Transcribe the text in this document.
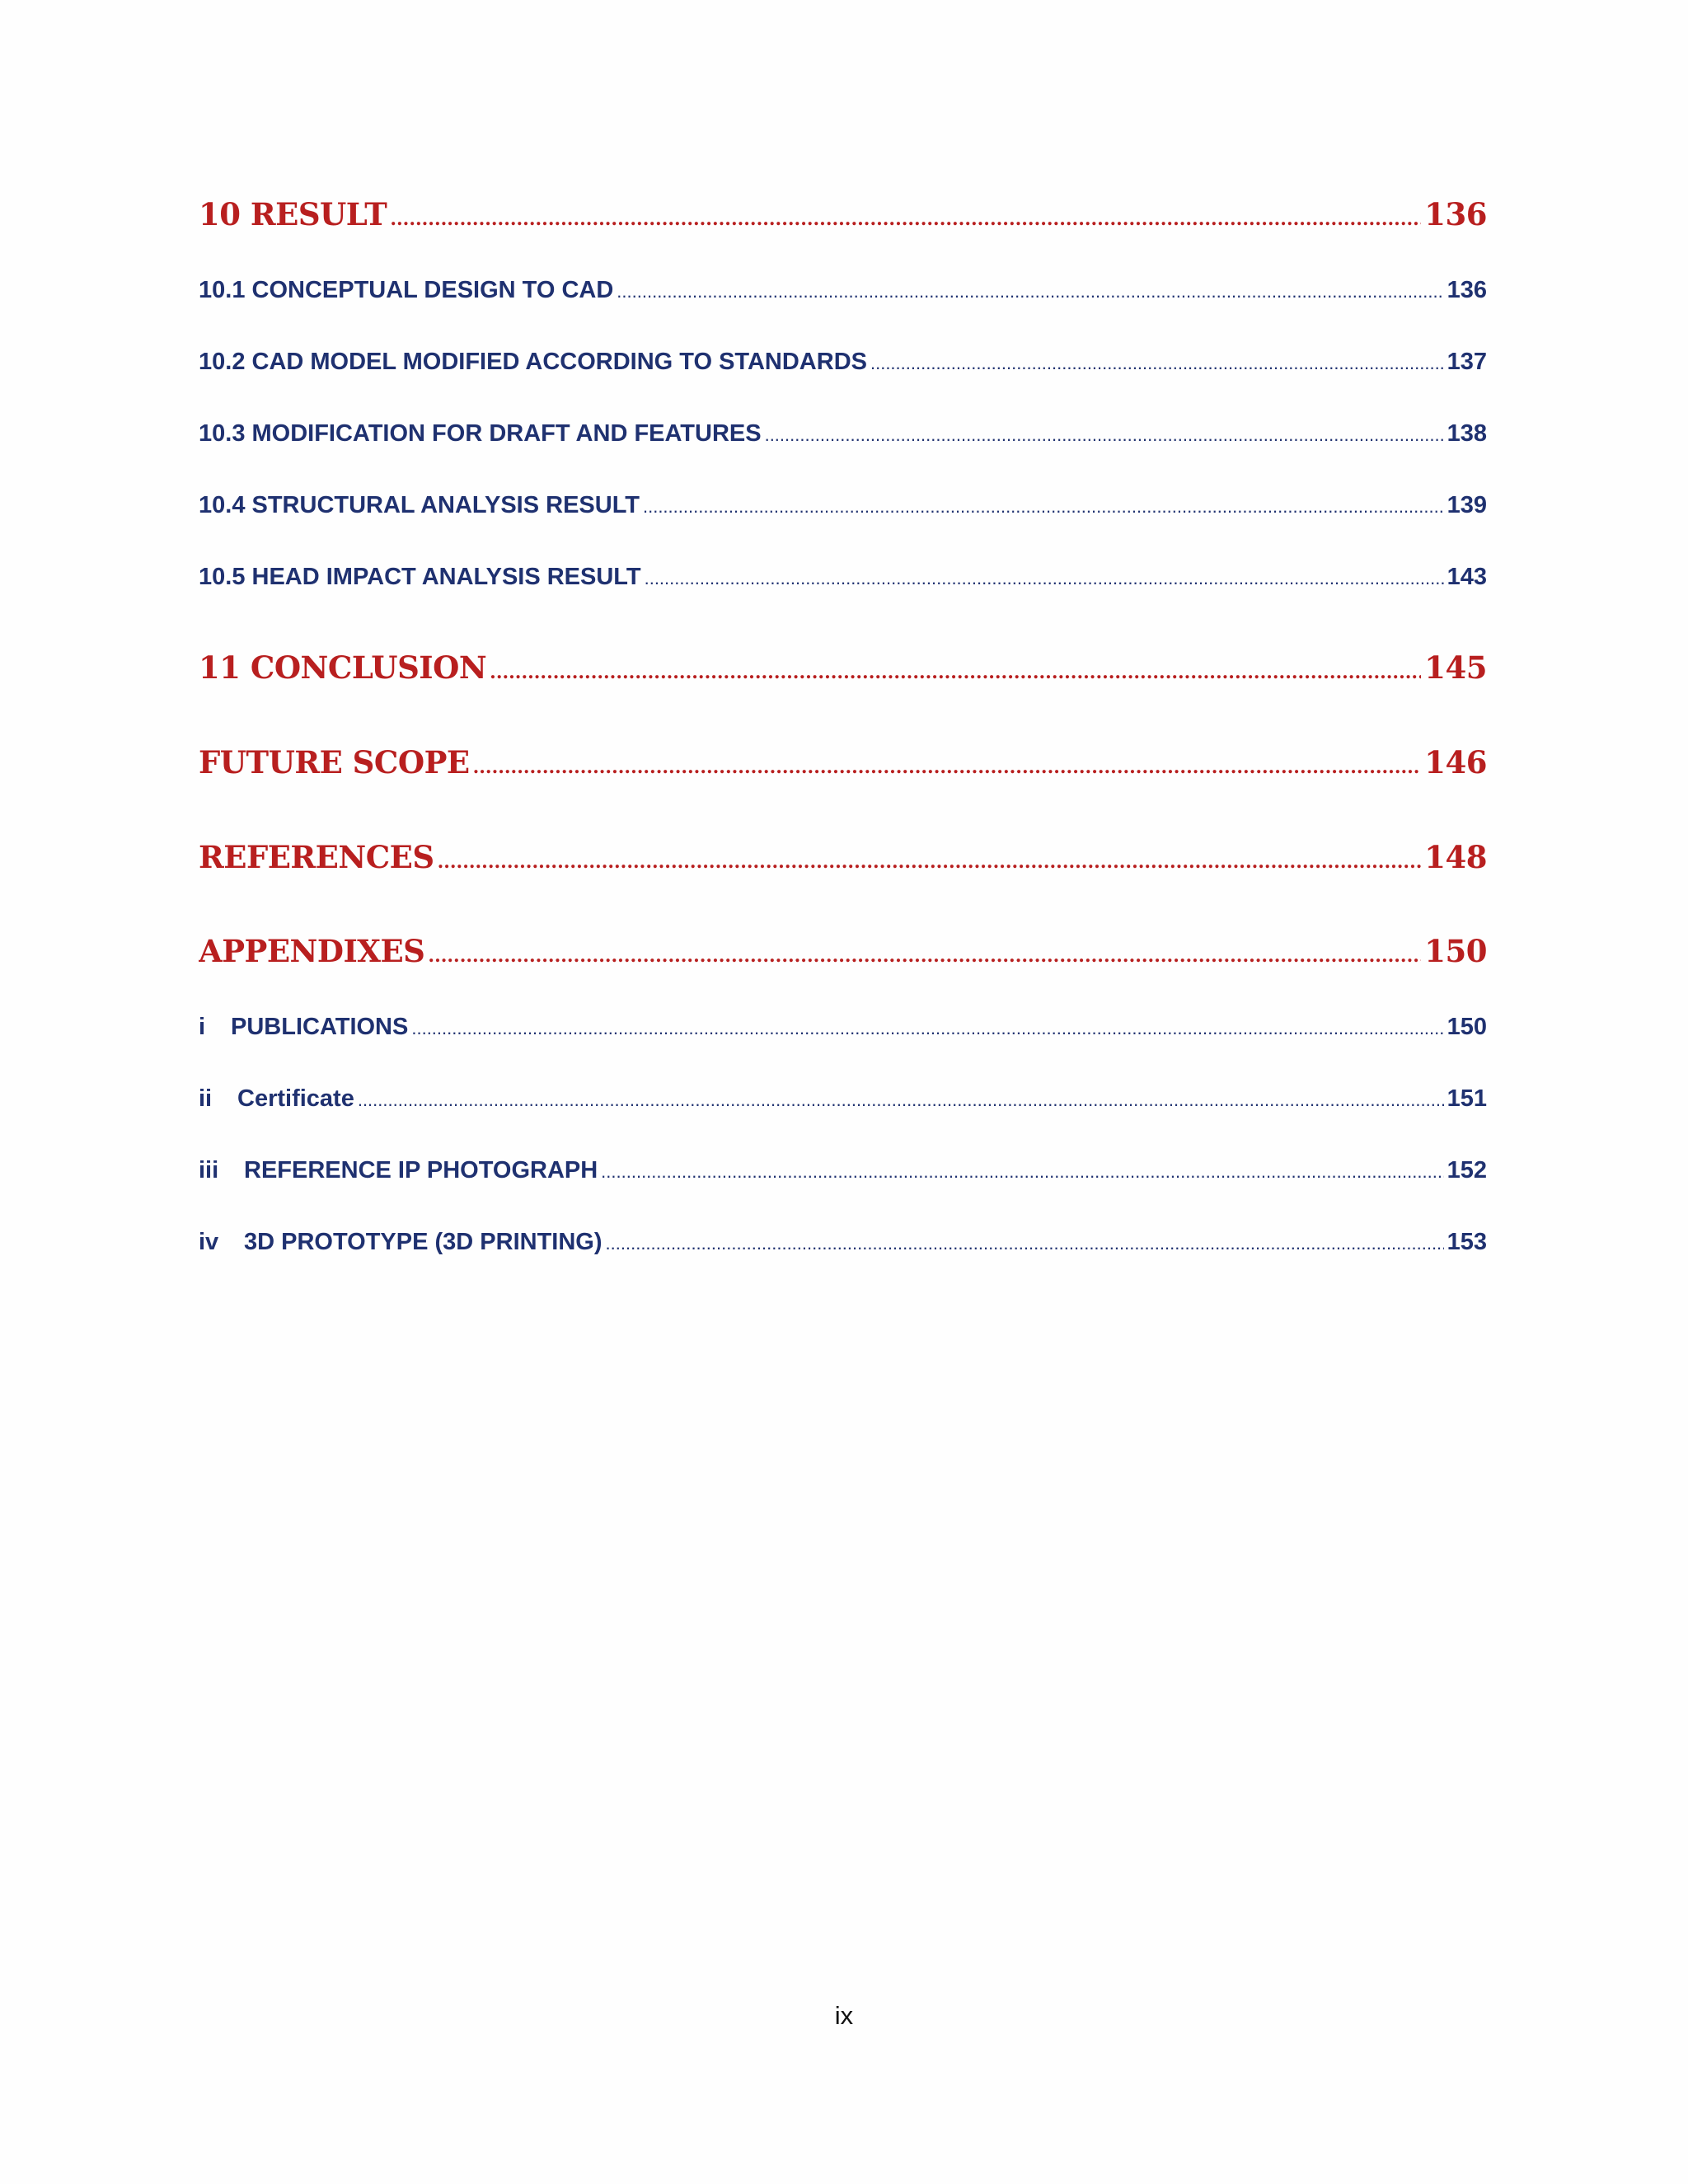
10 RESULT .....	136
10.1 CONCEPTUAL DESIGN TO CAD .....	136
10.2 CAD MODEL MODIFIED ACCORDING TO STANDARDS .....	137
10.3 MODIFICATION FOR DRAFT AND FEATURES .....	138
10.4 STRUCTURAL ANALYSIS RESULT .....	139
10.5 HEAD IMPACT ANALYSIS RESULT .....	143
11 CONCLUSION .....	145
FUTURE SCOPE .....	146
REFERENCES .....	148
APPENDIXES .....	150
i PUBLICATIONS .....	150
ii Certificate .....	151
iii REFERENCE IP PHOTOGRAPH .....	152
iv 3D PROTOTYPE (3D PRINTING) .....	153
ix
